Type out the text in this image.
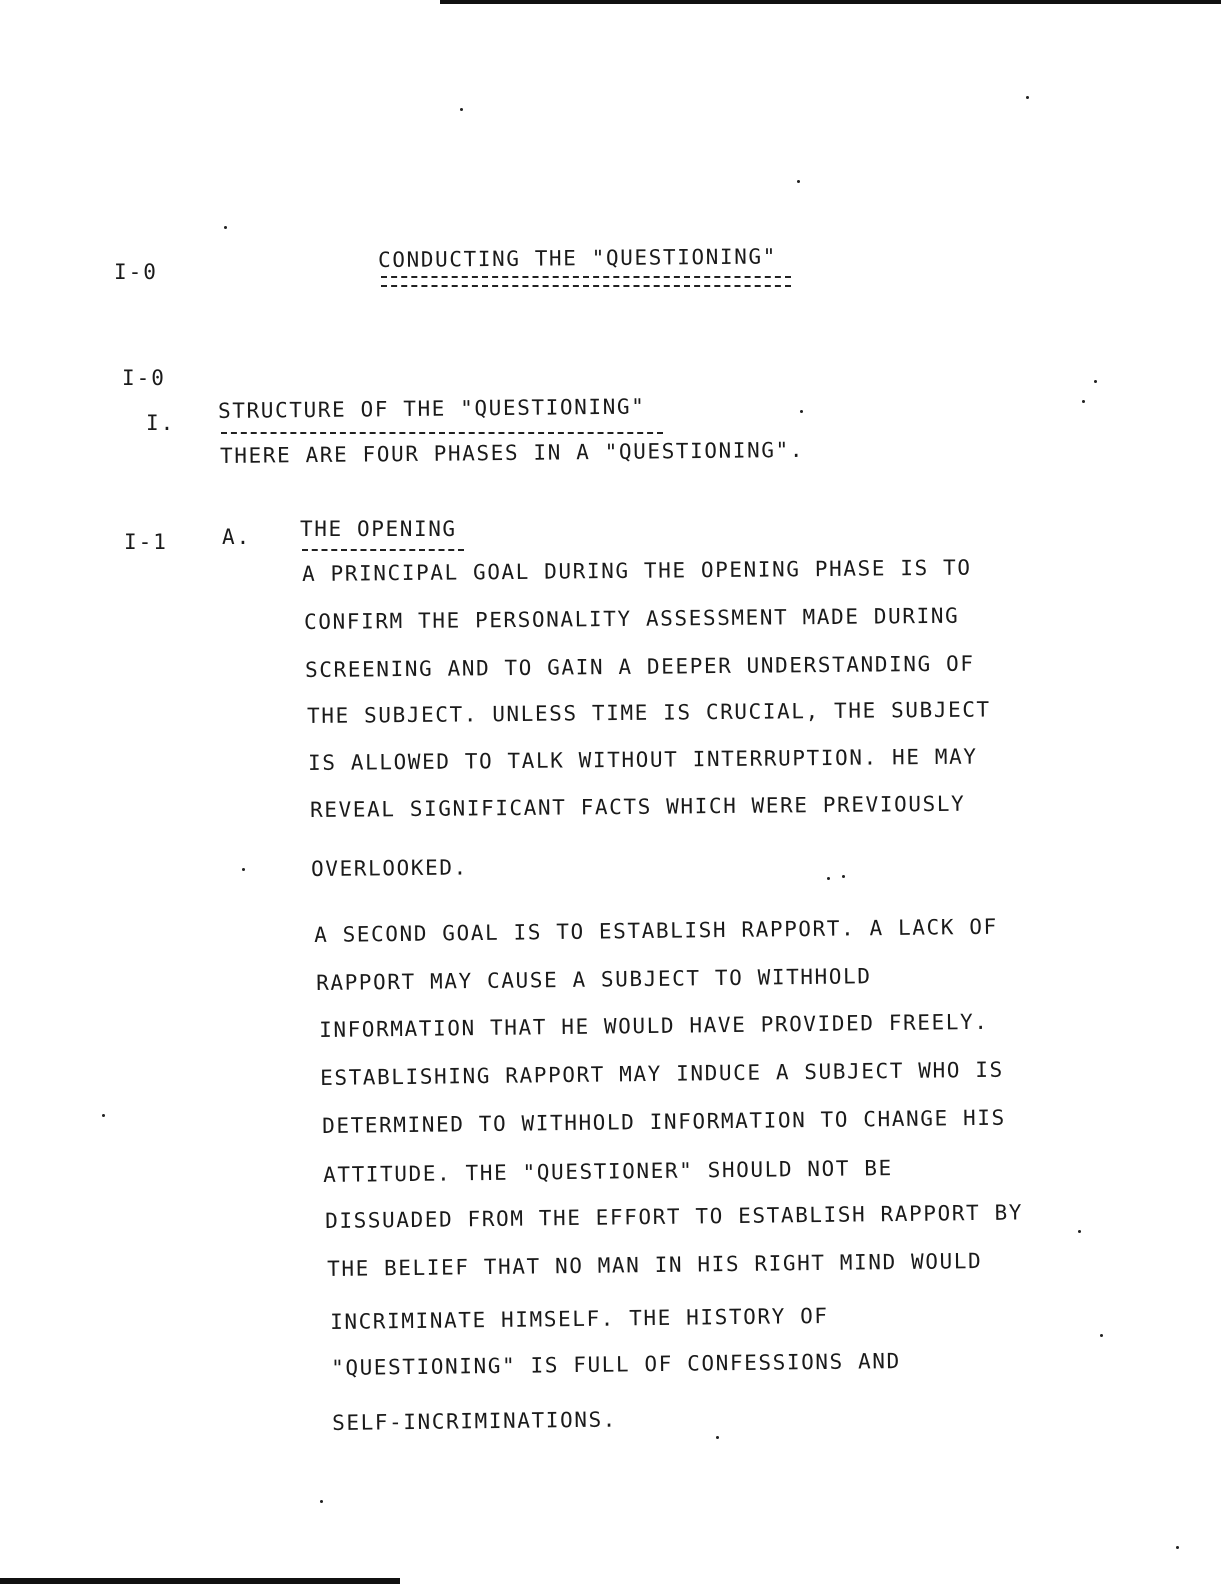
I-0
I-0
I.
I-1	A.
CONDUCTING THE "QUESTIONING"
STRUCTURE OF THE "QUESTIONING"
THERE ARE FOUR PHASES IN A "QUESTIONING".
THE OPENING
A PRINCIPAL GOAL DURING THE OPENING PHASE IS TO
CONFIRM THE PERSONALITY ASSESSMENT MADE DURING
SCREENING AND TO GAIN A DEEPER UNDERSTANDING OF
THE SUBJECT. UNLESS TIME IS CRUCIAL, THE SUBJECT
IS ALLOWED TO TALK WITHOUT INTERRUPTION. HE MAY
REVEAL SIGNIFICANT FACTS WHICH WERE PREVIOUSLY
OVERLOOKED.
A SECOND GOAL IS TO ESTABLISH RAPPORT. A LACK OF
RAPPORT MAY CAUSE A SUBJECT TO WITHHOLD
INFORMATION THAT HE WOULD HAVE PROVIDED FREELY.
ESTABLISHING RAPPORT MAY INDUCE A SUBJECT WHO IS
DETERMINED TO WITHHOLD INFORMATION TO CHANGE HIS
ATTITUDE. THE "QUESTIONER" SHOULD NOT BE
DISSUADED FROM THE EFFORT TO ESTABLISH RAPPORT BY
THE BELIEF THAT NO MAN IN HIS RIGHT MIND WOULD
INCRIMINATE HIMSELF. THE HISTORY OF
"QUESTIONING" IS FULL OF CONFESSIONS AND
SELF-INCRIMINATIONS.
